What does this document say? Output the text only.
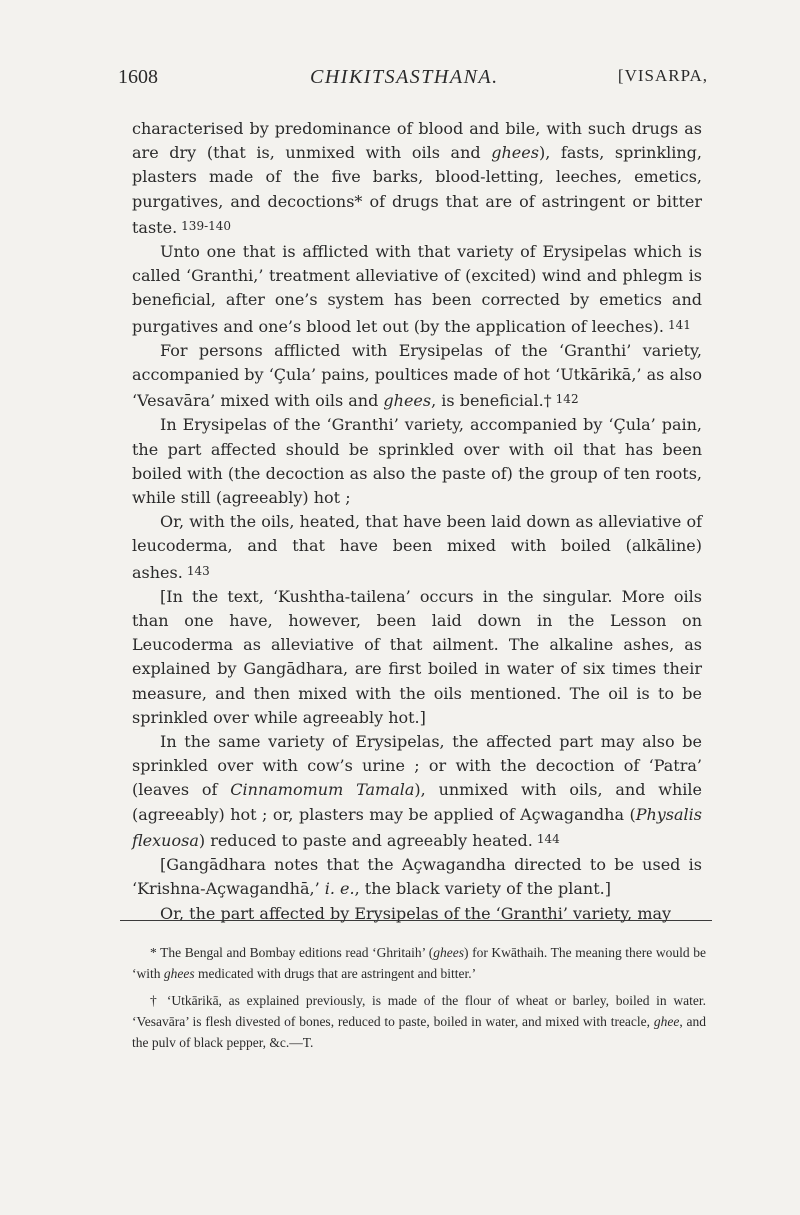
1608	CHIKITSASTHANA.	[VISARPA,

characterised by predominance of blood and bile, with such drugs as are dry (that is, unmixed with oils and ghees), fasts, sprinkling, plasters made of the five barks, blood-letting, leeches, emetics, purgatives, and decoctions* of drugs that are of astringent or bitter taste. 139-140

Unto one that is afflicted with that variety of Erysipelas which is called ‘Granthi,’ treatment alleviative of (excited) wind and phlegm is beneficial, after one’s system has been corrected by emetics and purgatives and one’s blood let out (by the application of leeches). 141

For persons afflicted with Erysipelas of the ‘Granthi’ variety, accompanied by ‘Çula’ pains, poultices made of hot ‘Utkārikā,’ as also ‘Vesavāra’ mixed with oils and ghees, is beneficial.† 142

In Erysipelas of the ‘Granthi’ variety, accompanied by ‘Çula’ pain, the part affected should be sprinkled over with oil that has been boiled with (the decoction as also the paste of) the group of ten roots, while still (agreeably) hot ;

Or, with the oils, heated, that have been laid down as alleviative of leucoderma, and that have been mixed with boiled (alkāline) ashes. 143

[In the text, ‘Kushtha-tailena’ occurs in the singular. More oils than one have, however, been laid down in the Lesson on Leucoderma as alleviative of that ailment. The alkaline ashes, as explained by Gangādhara, are first boiled in water of six times their measure, and then mixed with the oils mentioned. The oil is to be sprinkled over while agreeably hot.]

In the same variety of Erysipelas, the affected part may also be sprinkled over with cow’s urine ; or with the decoction of ‘Patra’ (leaves of Cinnamomum Tamala), unmixed with oils, and while (agreeably) hot ; or, plasters may be applied of Açwagandha (Physalis flexuosa) reduced to paste and agreeably heated. 144

[Gangādhara notes that the Açwagandha directed to be used is ‘Krishna-Açwagandhā,’ i. e., the black variety of the plant.]

Or, the part affected by Erysipelas of the ‘Granthi’ variety, may

* The Bengal and Bombay editions read ‘Ghritaih’ (ghees) for Kwāthaih. The meaning there would be ‘with ghees medicated with drugs that are astringent and bitter.’

† ‘Utkārikā, as explained previously, is made of the flour of wheat or barley, boiled in water. ‘Vesavāra’ is flesh divested of bones, reduced to paste, boiled in water, and mixed with treacle, ghee, and the pulv of black pepper, &c.—T.
